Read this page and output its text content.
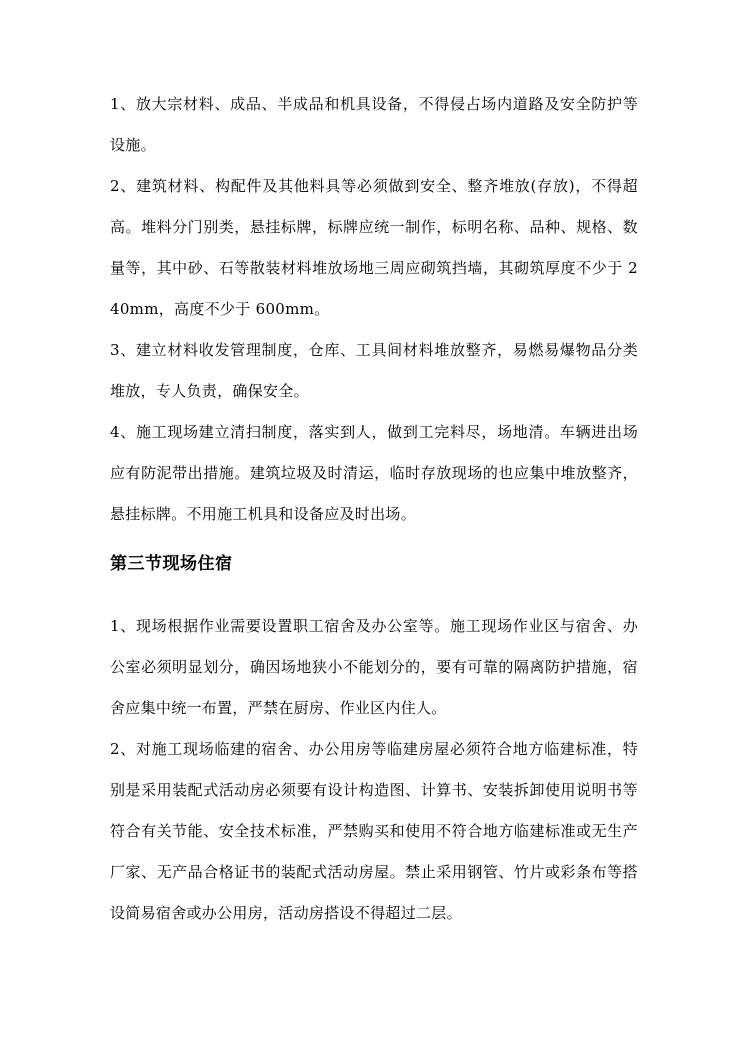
1、放大宗材料、成品、半成品和机具设备，不得侵占场内道路及安全防护等设施。

2、建筑材料、构配件及其他料具等必须做到安全、整齐堆放(存放)，不得超高。堆料分门别类，悬挂标牌，标牌应统一制作，标明名称、品种、规格、数量等，其中砂、石等散装材料堆放场地三周应砌筑挡墙，其砌筑厚度不少于 240mm，高度不少于 600mm。

3、建立材料收发管理制度，仓库、工具间材料堆放整齐，易燃易爆物品分类堆放，专人负责，确保安全。

4、施工现场建立清扫制度，落实到人，做到工完料尽，场地清。车辆进出场应有防泥带出措施。建筑垃圾及时清运，临时存放现场的也应集中堆放整齐，悬挂标牌。不用施工机具和设备应及时出场。

第三节现场住宿

1、现场根据作业需要设置职工宿舍及办公室等。施工现场作业区与宿舍、办公室必须明显划分，确因场地狭小不能划分的，要有可靠的隔离防护措施，宿舍应集中统一布置，严禁在厨房、作业区内住人。

2、对施工现场临建的宿舍、办公用房等临建房屋必须符合地方临建标准，特别是采用装配式活动房必须要有设计构造图、计算书、安装拆卸使用说明书等符合有关节能、安全技术标准，严禁购买和使用不符合地方临建标准或无生产厂家、无产品合格证书的装配式活动房屋。禁止采用钢管、竹片或彩条布等搭设简易宿舍或办公用房，活动房搭设不得超过二层。
